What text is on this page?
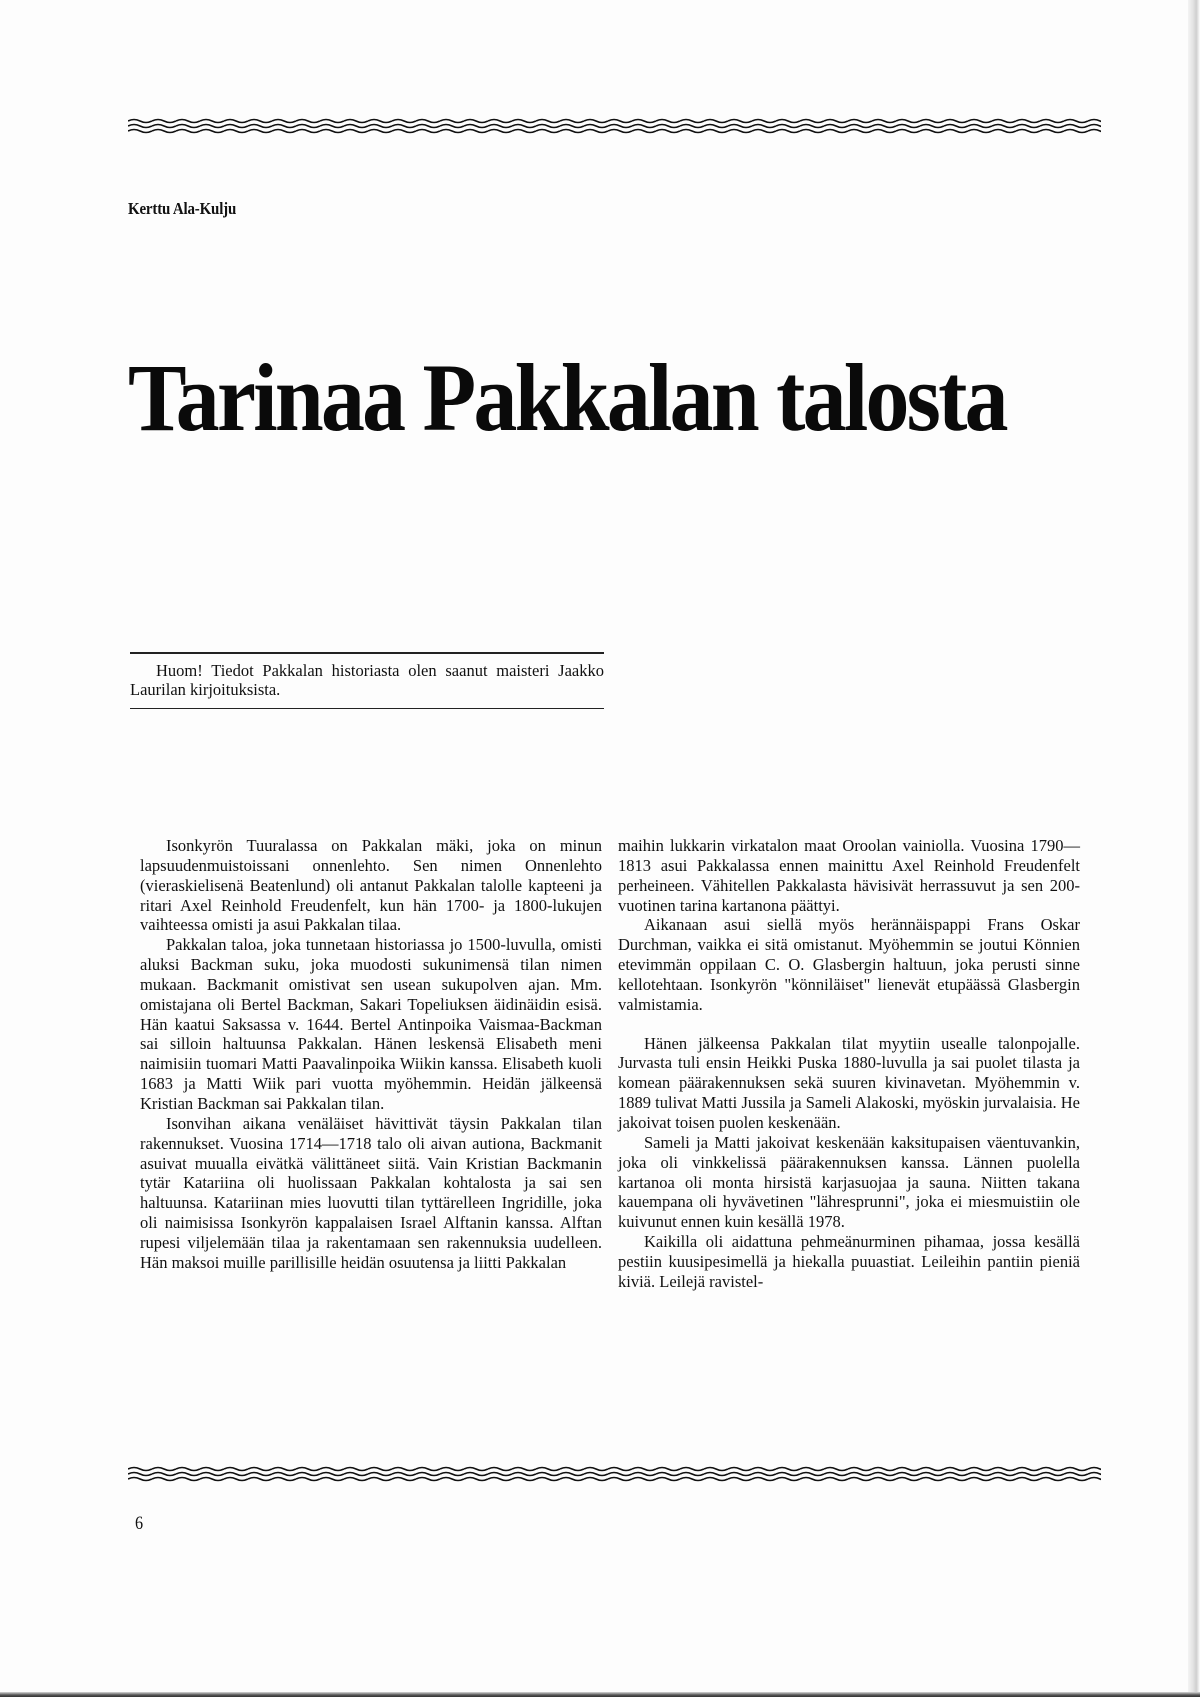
Kerttu Ala-Kulju
Tarinaa Pakkalan talosta

Huom! Tiedot Pakkalan historiasta olen saanut maisteri Jaakko Laurilan kirjoituksista.

Isonkyrön Tuuralassa on Pakkalan mäki, joka on minun lapsuudenmuistoissani onnenlehto. Sen nimen Onnenlehto (vieraskielisenä Beatenlund) oli antanut Pakkalan talolle kapteeni ja ritari Axel Reinhold Freudenfelt, kun hän 1700- ja 1800-lukujen vaihteessa omisti ja asui Pakkalan tilaa.

Pakkalan taloa, joka tunnetaan historiassa jo 1500-luvulla, omisti aluksi Backman suku, joka muodosti sukunimensä tilan nimen mukaan. Backmanit omistivat sen usean sukupolven ajan. Mm. omistajana oli Bertel Backman, Sakari Topeliuksen äidinäidin esisä. Hän kaatui Saksassa v. 1644. Bertel Antinpoika Vaismaa-Backman sai silloin haltuunsa Pakkalan. Hänen leskensä Elisabeth meni naimisiin tuomari Matti Paavalinpoika Wiikin kanssa. Elisabeth kuoli 1683 ja Matti Wiik pari vuotta myöhemmin. Heidän jälkeensä Kristian Backman sai Pakkalan tilan.

Isonvihan aikana venäläiset hävittivät täysin Pakkalan tilan rakennukset. Vuosina 1714—1718 talo oli aivan autiona, Backmanit asuivat muualla eivätkä välittäneet siitä. Vain Kristian Backmanin tytär Katariina oli huolissaan Pakkalan kohtalosta ja sai sen haltuunsa. Katariinan mies luovutti tilan tyttärelleen Ingridille, joka oli naimisissa Isonkyrön kappalaisen Israel Alftanin kanssa. Alftan rupesi viljelemään tilaa ja rakentamaan sen rakennuksia uudelleen. Hän maksoi muille parillisille heidän osuutensa ja liitti Pakkalan

maihin lukkarin virkatalon maat Oroolan vainiolla. Vuosina 1790—1813 asui Pakkalassa ennen mainittu Axel Reinhold Freudenfelt perheineen. Vähitellen Pakkalasta hävisivät herrassuvut ja sen 200-vuotinen tarina kartanona päättyi.

Aikanaan asui siellä myös herännäispappi Frans Oskar Durchman, vaikka ei sitä omistanut. Myöhemmin se joutui Könnien etevimmän oppilaan C. O. Glasbergin haltuun, joka perusti sinne kellotehtaan. Isonkyrön "könniläiset" lienevät etupäässä Glasbergin valmistamia.

Hänen jälkeensa Pakkalan tilat myytiin usealle talonpojalle. Jurvasta tuli ensin Heikki Puska 1880-luvulla ja sai puolet tilasta ja komean päärakennuksen sekä suuren kivinavetan. Myöhemmin v. 1889 tulivat Matti Jussila ja Sameli Alakoski, myöskin jurvalaisia. He jakoivat toisen puolen keskenään.

Sameli ja Matti jakoivat keskenään kaksitupaisen väentuvankin, joka oli vinkkelissä päärakennuksen kanssa. Lännen puolella kartanoa oli monta hirsistä karjasuojaa ja sauna. Niitten takana kauempana oli hyvävetinen "lähresprunni", joka ei miesmuistiin ole kuivunut ennen kuin kesällä 1978.

Kaikilla oli aidattuna pehmeänurminen pihamaa, jossa kesällä pestiin kuusipesimellä ja hiekalla puuastiat. Leileihin pantiin pieniä kiviä. Leilejä ravistel-

6
